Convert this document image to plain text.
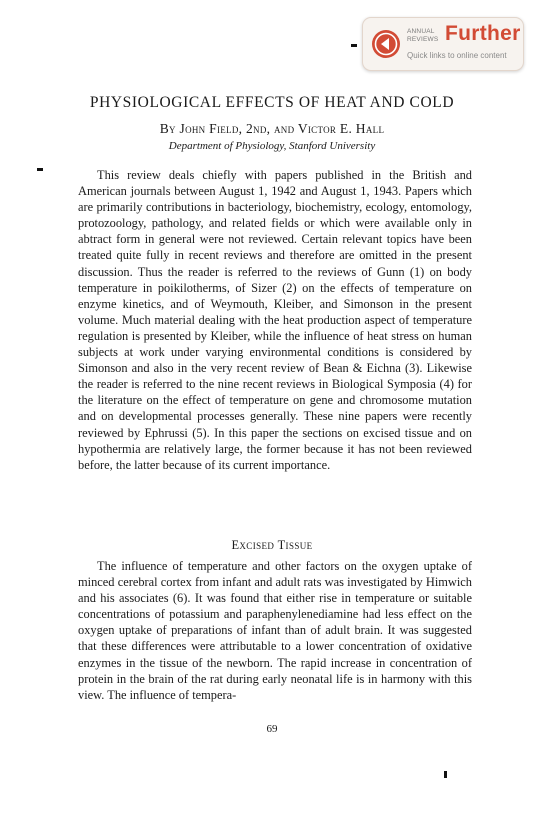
ANNUAL
REVIEWS Further
Quick links to online content
PHYSIOLOGICAL EFFECTS OF HEAT AND COLD
By John Field, 2nd, and Victor E. Hall
Department of Physiology, Stanford University

This review deals chiefly with papers published in the British and American journals between August 1, 1942 and August 1, 1943. Papers which are primarily contributions in bacteriology, biochemistry, ecology, entomology, protozoology, pathology, and related fields or which were available only in abtract form in general were not reviewed. Certain relevant topics have been treated quite fully in recent reviews and therefore are omitted in the present discussion. Thus the reader is referred to the reviews of Gunn (1) on body temperature in poikilotherms, of Sizer (2) on the effects of temperature on enzyme kinetics, and of Weymouth, Kleiber, and Simonson in the present volume. Much material dealing with the heat production aspect of temperature regulation is presented by Kleiber, while the influence of heat stress on human subjects at work under varying environmental conditions is considered by Simonson and also in the very recent review of Bean & Eichna (3). Likewise the reader is referred to the nine recent reviews in Biological Symposia (4) for the literature on the effect of temperature on gene and chromosome mutation and on developmental processes generally. These nine papers were recently reviewed by Ephrussi (5). In this paper the sections on excised tissue and on hypothermia are relatively large, the former because it has not been reviewed before, the latter because of its current importance.

Excised Tissue

The influence of temperature and other factors on the oxygen uptake of minced cerebral cortex from infant and adult rats was investigated by Himwich and his associates (6). It was found that either rise in temperature or suitable concentrations of potassium and paraphenylenediamine had less effect on the oxygen uptake of preparations of infant than of adult brain. It was suggested that these differences were attributable to a lower concentration of oxidative enzymes in the tissue of the newborn. The rapid increase in concentration of protein in the brain of the rat during early neonatal life is in harmony with this view. The influence of tempera-

69
